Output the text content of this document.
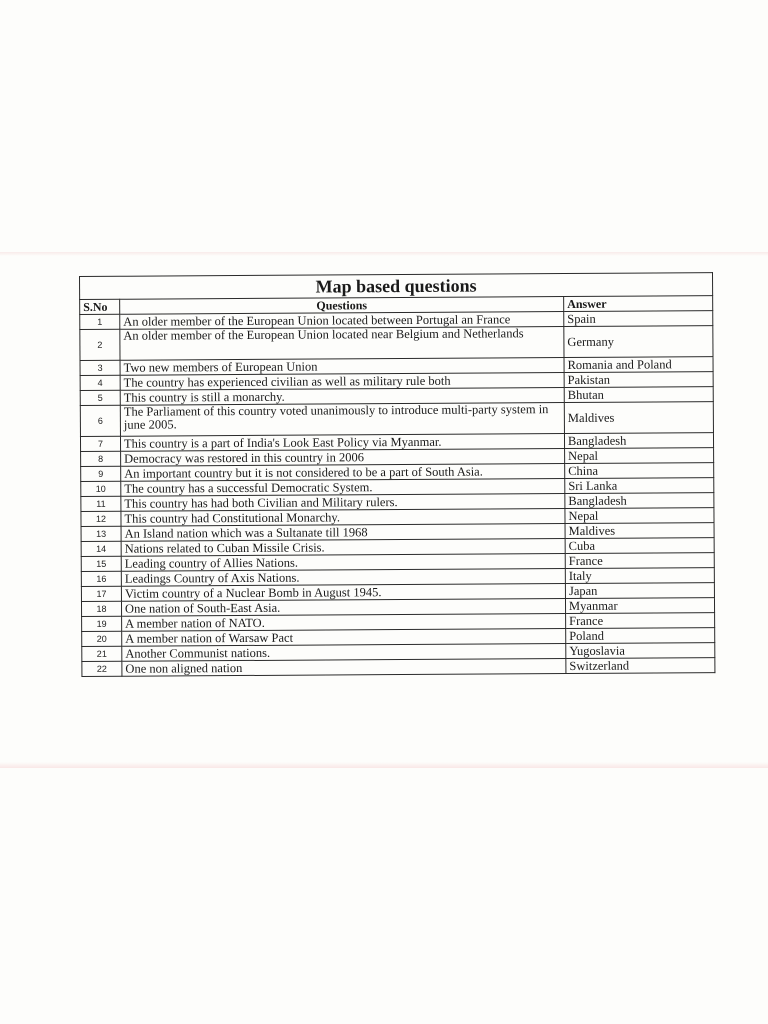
Map based questions		
S.No	Questions	Answer
1	An older member of the European Union located between Portugal an France	Spain
2	An older member of the European Union located near Belgium and Netherlands	Germany
3	Two new members of European Union	Romania and Poland
4	The country has experienced civilian as well as military rule both	Pakistan
5	This country is still a monarchy.	Bhutan
6	The Parliament of this country voted unanimously to introduce multi-party system in june 2005.	Maldives
7	This country is a part of India's Look East Policy via Myanmar.	Bangladesh
8	Democracy was restored in this country in 2006	Nepal
9	An important country but it is not considered to be a part of South Asia.	China
10	The country has a successful Democratic System.	Sri Lanka
11	This country has had both Civilian and Military rulers.	Bangladesh
12	This country had Constitutional Monarchy.	Nepal
13	An Island nation which was a Sultanate till 1968	Maldives
14	Nations related to Cuban Missile Crisis.	Cuba
15	Leading country of Allies Nations.	France
16	Leadings Country of Axis Nations.	Italy
17	Victim country of a Nuclear Bomb in August 1945.	Japan
18	One nation of South-East Asia.	Myanmar
19	A member nation of NATO.	France
20	A member nation of Warsaw Pact	Poland
21	Another Communist nations.	Yugoslavia
22	One non aligned nation	Switzerland
